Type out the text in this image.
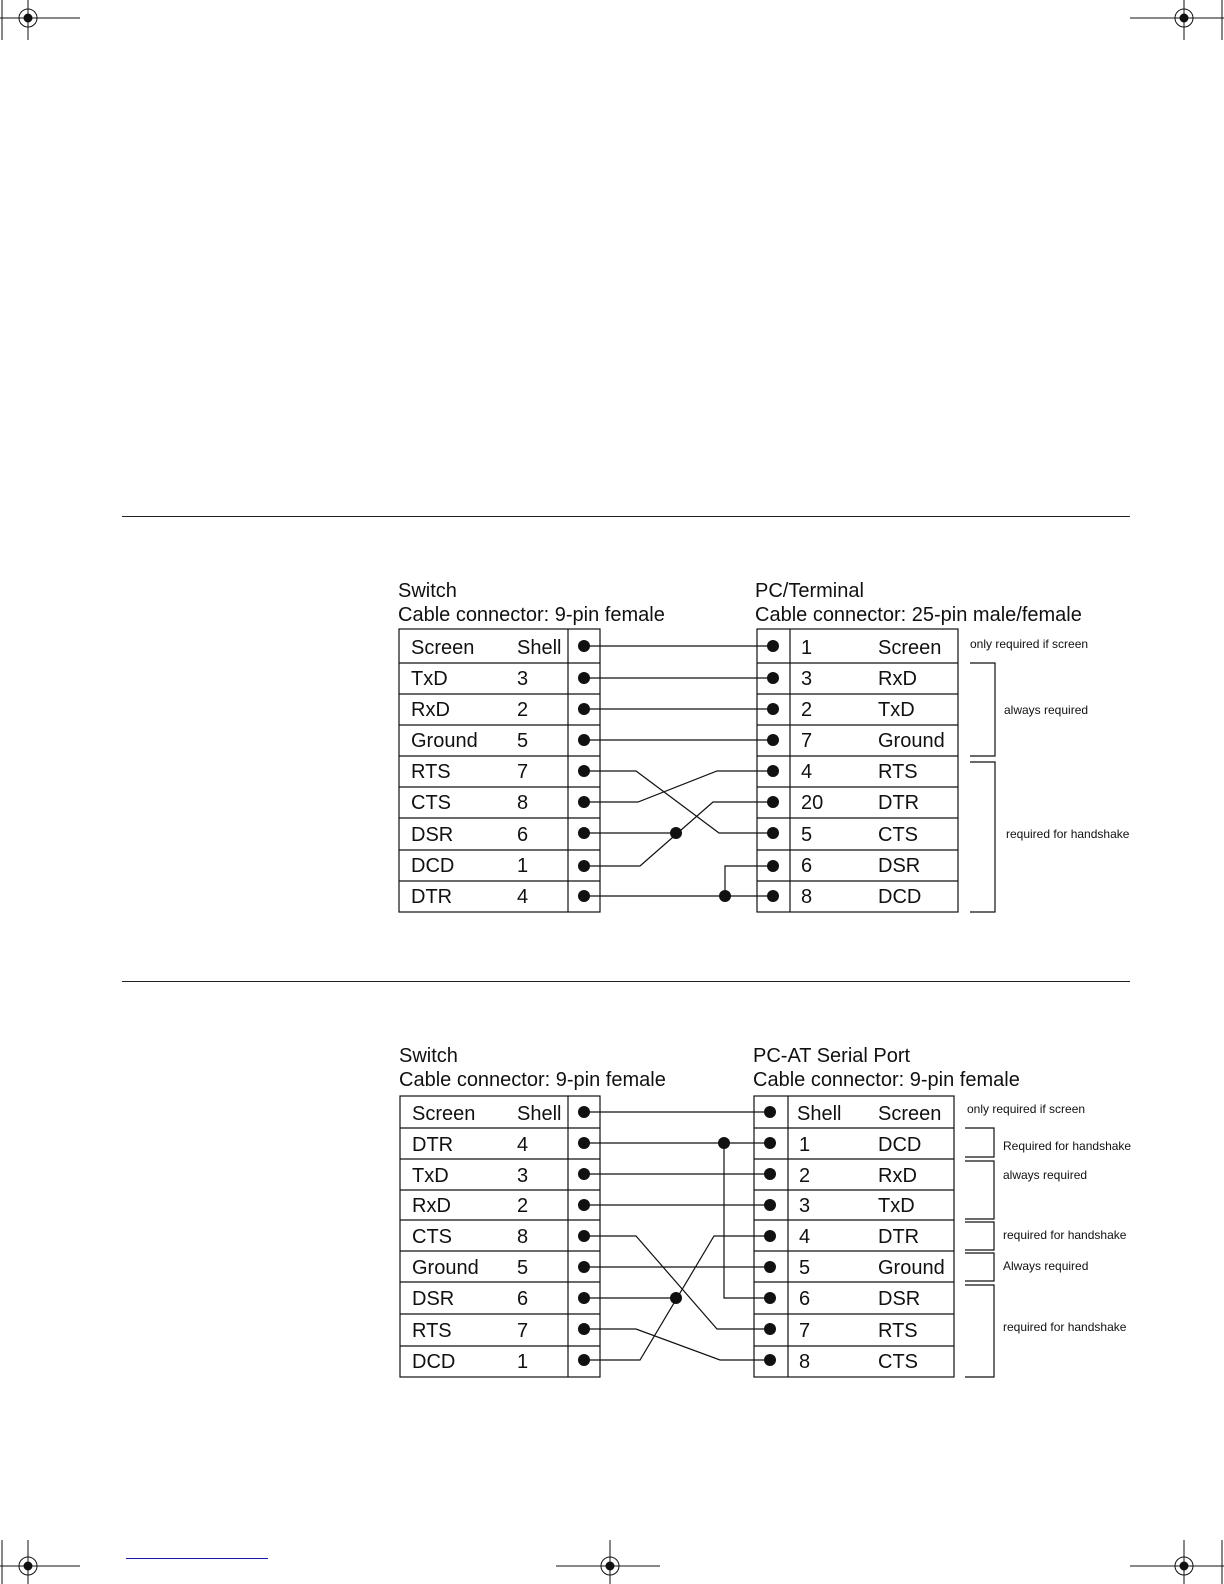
Switch
Cable connector: 9-pin female
PC/Terminal
Cable connector: 25-pin male/female
Switch
Cable connector: 9-pin female
PC-AT Serial Port
Cable connector: 9-pin female
Screen Shell
TxD	3
RxD	2
Ground 5
RTS	7
CTS	8
DSR	6
DCD	1
DTR	4
1	Screen
3	RxD
2	TxD
7	Ground
4	RTS
20	DTR
5	CTS
6	DSR
8	DCD
only required if screen
always required
required for handshake
Screen Shell
DTR	4
TxD	3
RxD	2
CTS	8
Ground 5
DSR	6
RTS	7
DCD	1
Shell Screen
1	DCD
2	RxD
3	TxD
4	DTR
5	Ground
6	DSR
7	RTS
8	CTS
only required if screen
Required for handshake
always required
required for handshake
Always required
required for handshake
